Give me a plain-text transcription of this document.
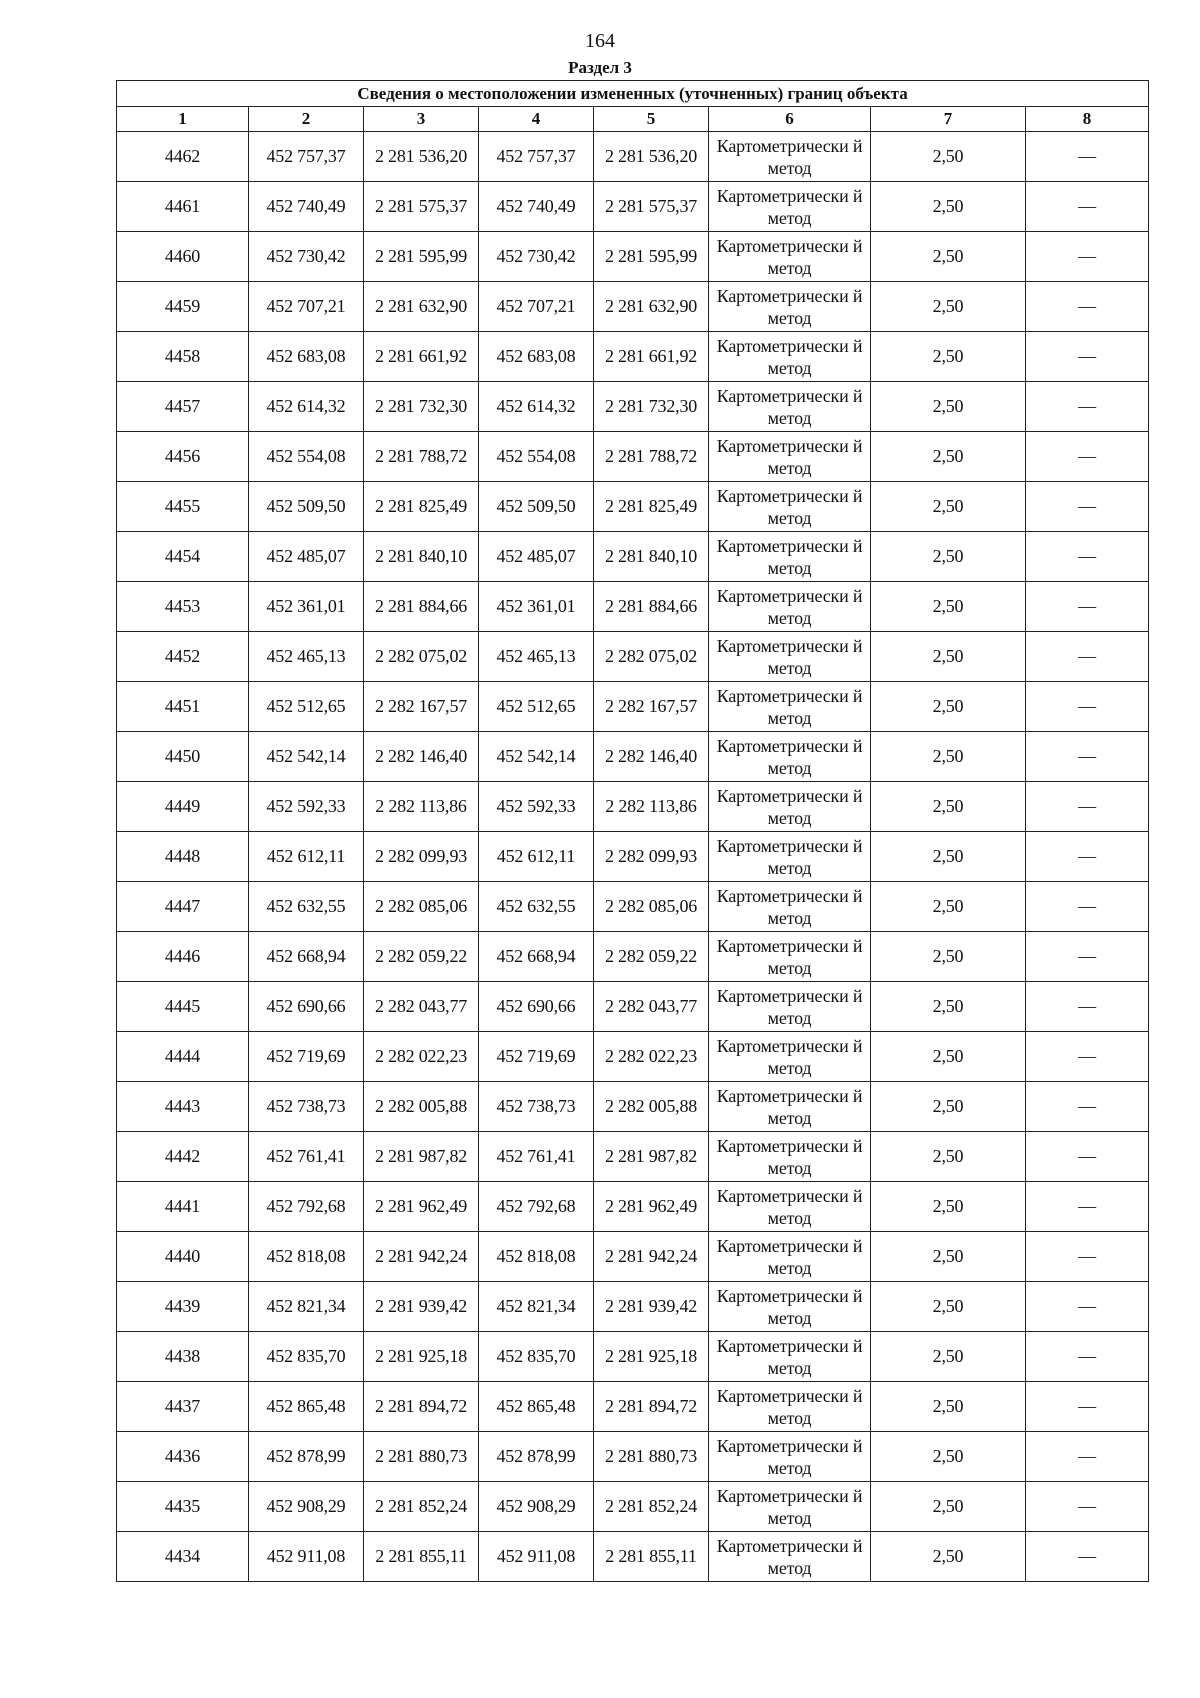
164
Раздел 3
Сведения о местоположении измененных (уточненных) границ объекта							
1	2	3	4	5	6	7	8
4462	452 757,37	2 281 536,20	452 757,37	2 281 536,20	Картометрически й метод	2,50	—
4461	452 740,49	2 281 575,37	452 740,49	2 281 575,37	Картометрически й метод	2,50	—
4460	452 730,42	2 281 595,99	452 730,42	2 281 595,99	Картометрически й метод	2,50	—
4459	452 707,21	2 281 632,90	452 707,21	2 281 632,90	Картометрически й метод	2,50	—
4458	452 683,08	2 281 661,92	452 683,08	2 281 661,92	Картометрически й метод	2,50	—
4457	452 614,32	2 281 732,30	452 614,32	2 281 732,30	Картометрически й метод	2,50	—
4456	452 554,08	2 281 788,72	452 554,08	2 281 788,72	Картометрически й метод	2,50	—
4455	452 509,50	2 281 825,49	452 509,50	2 281 825,49	Картометрически й метод	2,50	—
4454	452 485,07	2 281 840,10	452 485,07	2 281 840,10	Картометрически й метод	2,50	—
4453	452 361,01	2 281 884,66	452 361,01	2 281 884,66	Картометрически й метод	2,50	—
4452	452 465,13	2 282 075,02	452 465,13	2 282 075,02	Картометрически й метод	2,50	—
4451	452 512,65	2 282 167,57	452 512,65	2 282 167,57	Картометрически й метод	2,50	—
4450	452 542,14	2 282 146,40	452 542,14	2 282 146,40	Картометрически й метод	2,50	—
4449	452 592,33	2 282 113,86	452 592,33	2 282 113,86	Картометрически й метод	2,50	—
4448	452 612,11	2 282 099,93	452 612,11	2 282 099,93	Картометрически й метод	2,50	—
4447	452 632,55	2 282 085,06	452 632,55	2 282 085,06	Картометрически й метод	2,50	—
4446	452 668,94	2 282 059,22	452 668,94	2 282 059,22	Картометрически й метод	2,50	—
4445	452 690,66	2 282 043,77	452 690,66	2 282 043,77	Картометрически й метод	2,50	—
4444	452 719,69	2 282 022,23	452 719,69	2 282 022,23	Картометрически й метод	2,50	—
4443	452 738,73	2 282 005,88	452 738,73	2 282 005,88	Картометрически й метод	2,50	—
4442	452 761,41	2 281 987,82	452 761,41	2 281 987,82	Картометрически й метод	2,50	—
4441	452 792,68	2 281 962,49	452 792,68	2 281 962,49	Картометрически й метод	2,50	—
4440	452 818,08	2 281 942,24	452 818,08	2 281 942,24	Картометрически й метод	2,50	—
4439	452 821,34	2 281 939,42	452 821,34	2 281 939,42	Картометрически й метод	2,50	—
4438	452 835,70	2 281 925,18	452 835,70	2 281 925,18	Картометрически й метод	2,50	—
4437	452 865,48	2 281 894,72	452 865,48	2 281 894,72	Картометрически й метод	2,50	—
4436	452 878,99	2 281 880,73	452 878,99	2 281 880,73	Картометрически й метод	2,50	—
4435	452 908,29	2 281 852,24	452 908,29	2 281 852,24	Картометрически й метод	2,50	—
4434	452 911,08	2 281 855,11	452 911,08	2 281 855,11	Картометрически й метод	2,50	—
